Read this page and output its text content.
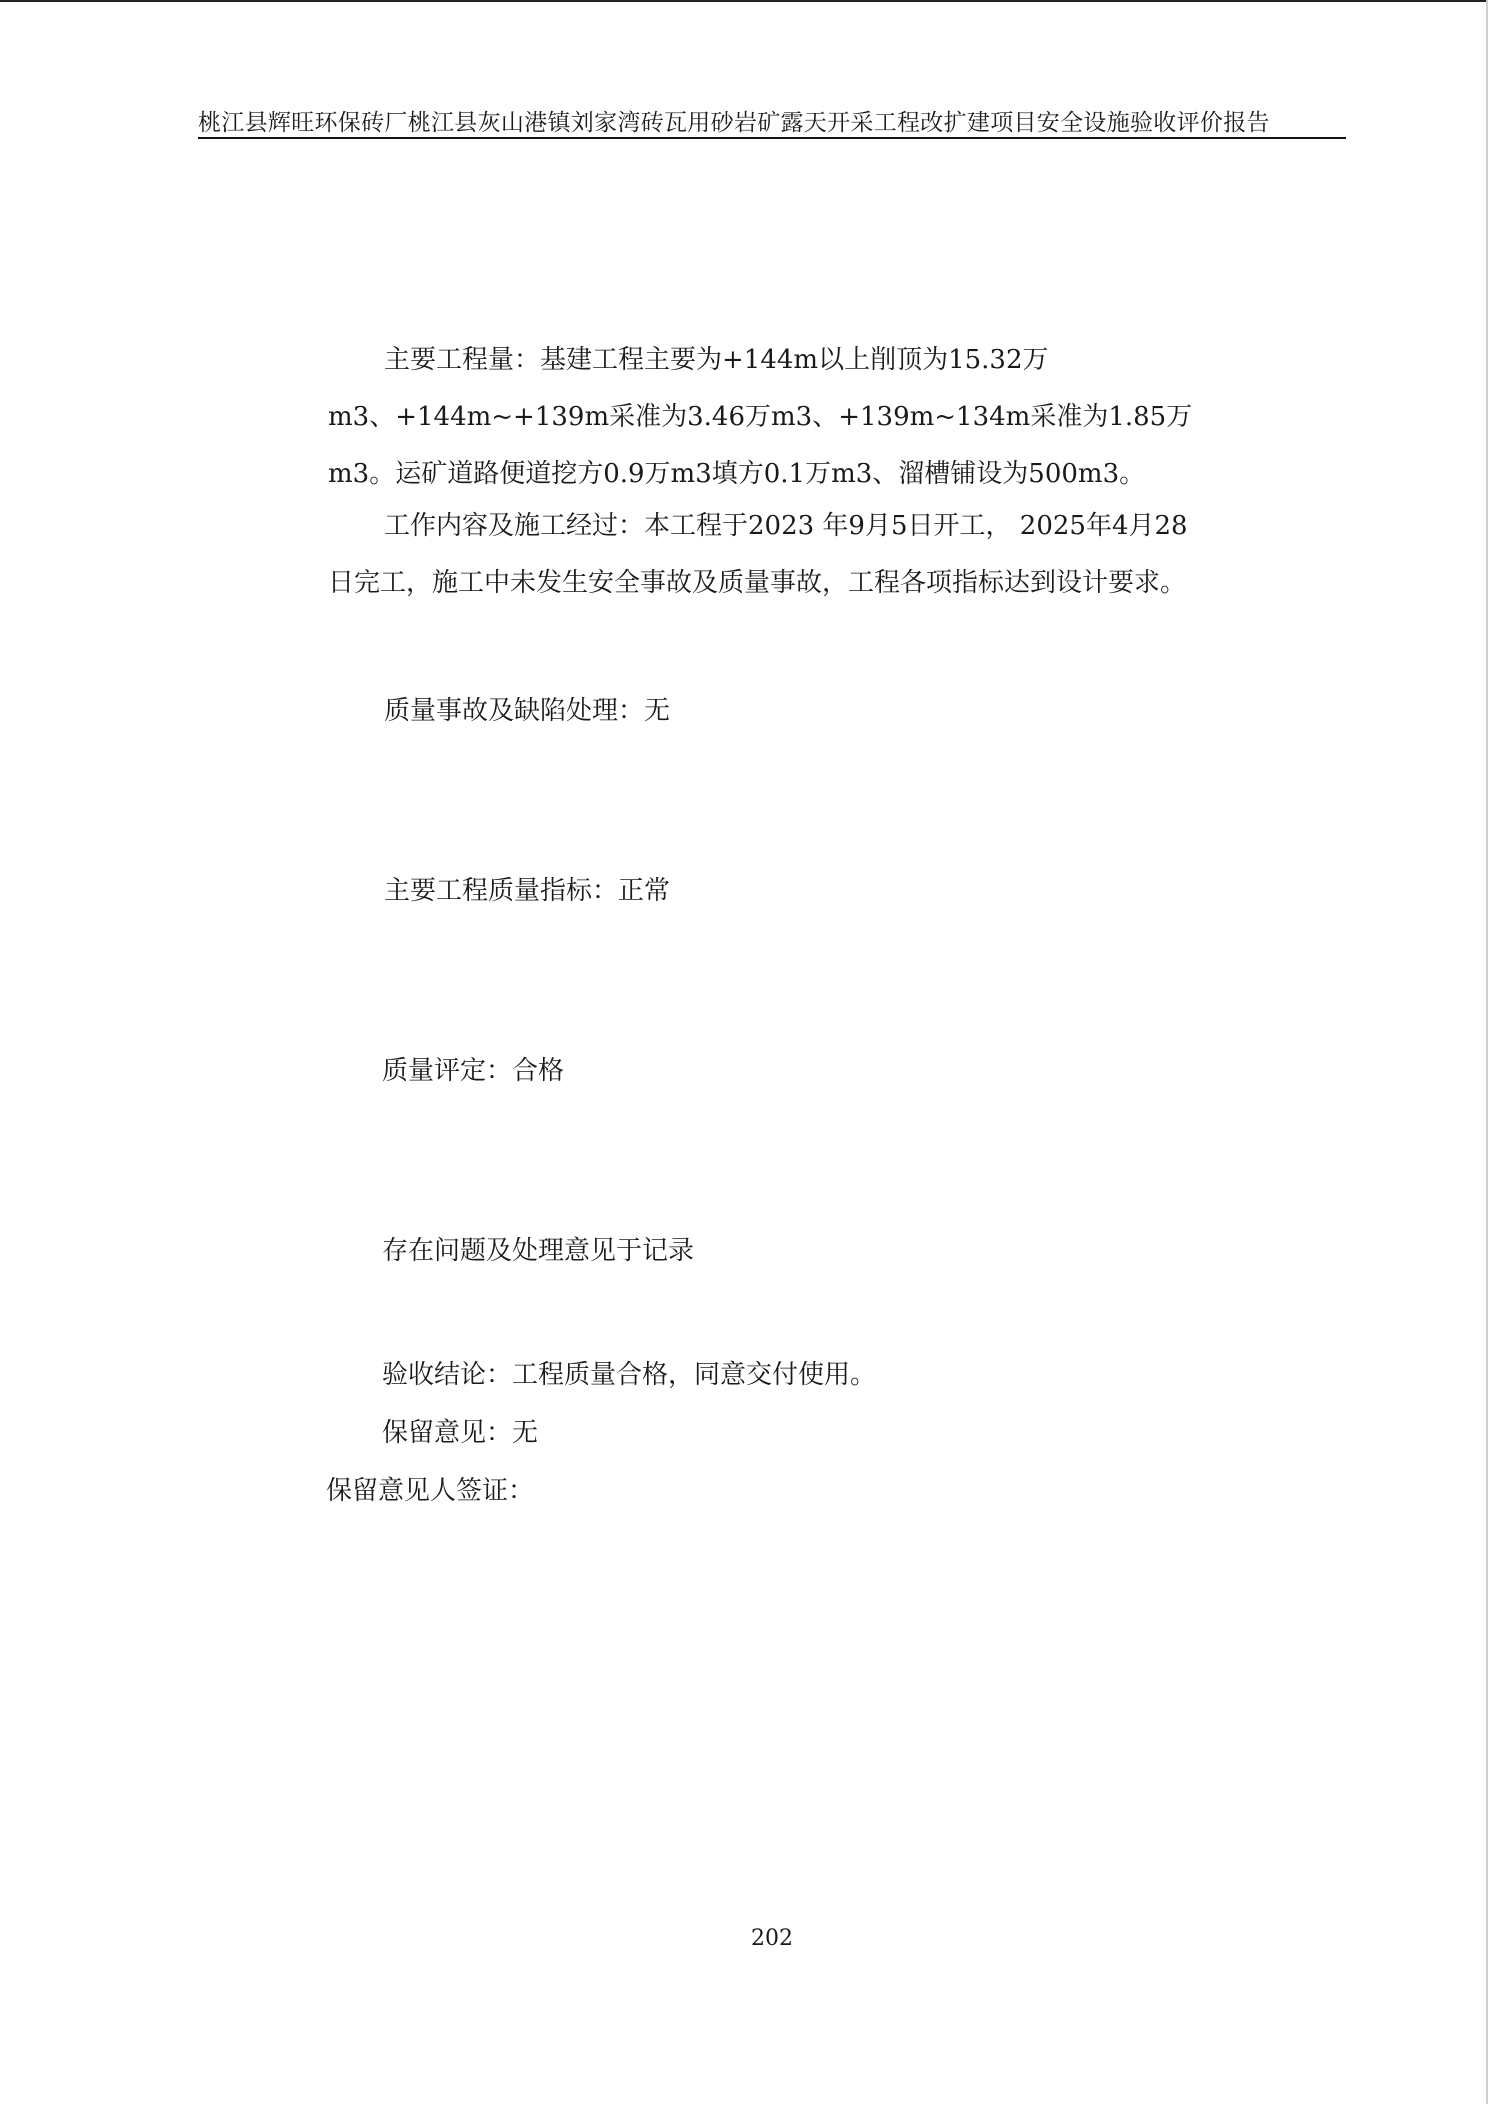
桃江县辉旺环保砖厂桃江县灰山港镇刘家湾砖瓦用砂岩矿露天开采工程改扩建项目安全设施验收评价报告

主要工程量：基建工程主要为+144m以上削顶为15.32万m3、+144m~+139m采准为3.46万m3、+139m~134m采准为1.85万m3。运矿道路便道挖方0.9万m3填方0.1万m3、溜槽铺设为500m3。

工作内容及施工经过：本工程于2023 年9月5日开工， 2025年4月28日完工，施工中未发生安全事故及质量事故，工程各项指标达到设计要求。

质量事故及缺陷处理：无
主要工程质量指标：正常
质量评定：合格
存在问题及处理意见于记录
验收结论：工程质量合格，同意交付使用。
保留意见：无
保留意见人签证：
202
